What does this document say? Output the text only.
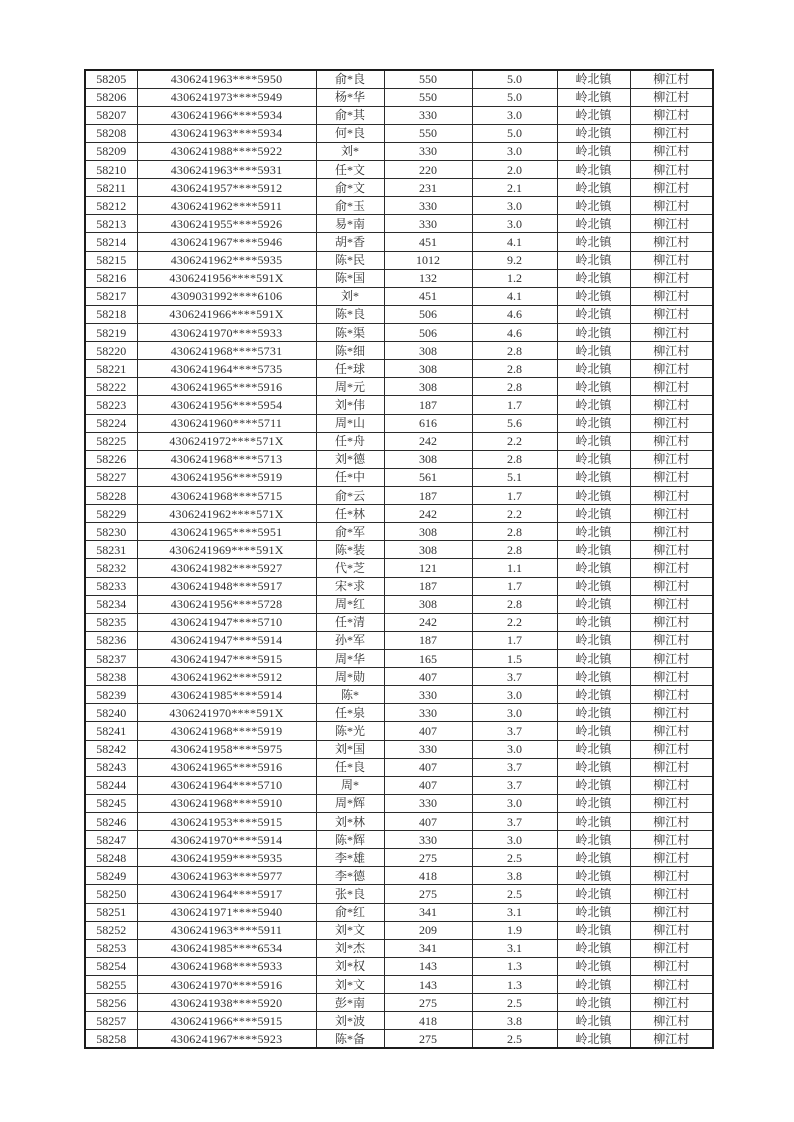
58205	4306241963****5950	俞*良	550	5.0	岭北镇	柳江村
58206	4306241973****5949	杨*华	550	5.0	岭北镇	柳江村
58207	4306241966****5934	俞*其	330	3.0	岭北镇	柳江村
58208	4306241963****5934	何*良	550	5.0	岭北镇	柳江村
58209	4306241988****5922	刘*	330	3.0	岭北镇	柳江村
58210	4306241963****5931	任*文	220	2.0	岭北镇	柳江村
58211	4306241957****5912	俞*文	231	2.1	岭北镇	柳江村
58212	4306241962****5911	俞*玉	330	3.0	岭北镇	柳江村
58213	4306241955****5926	易*南	330	3.0	岭北镇	柳江村
58214	4306241967****5946	胡*香	451	4.1	岭北镇	柳江村
58215	4306241962****5935	陈*民	1012	9.2	岭北镇	柳江村
58216	4306241956****591X	陈*国	132	1.2	岭北镇	柳江村
58217	4309031992****6106	刘*	451	4.1	岭北镇	柳江村
58218	4306241966****591X	陈*良	506	4.6	岭北镇	柳江村
58219	4306241970****5933	陈*渠	506	4.6	岭北镇	柳江村
58220	4306241968****5731	陈*细	308	2.8	岭北镇	柳江村
58221	4306241964****5735	任*球	308	2.8	岭北镇	柳江村
58222	4306241965****5916	周*元	308	2.8	岭北镇	柳江村
58223	4306241956****5954	刘*伟	187	1.7	岭北镇	柳江村
58224	4306241960****5711	周*山	616	5.6	岭北镇	柳江村
58225	4306241972****571X	任*舟	242	2.2	岭北镇	柳江村
58226	4306241968****5713	刘*德	308	2.8	岭北镇	柳江村
58227	4306241956****5919	任*中	561	5.1	岭北镇	柳江村
58228	4306241968****5715	俞*云	187	1.7	岭北镇	柳江村
58229	4306241962****571X	任*林	242	2.2	岭北镇	柳江村
58230	4306241965****5951	俞*军	308	2.8	岭北镇	柳江村
58231	4306241969****591X	陈*装	308	2.8	岭北镇	柳江村
58232	4306241982****5927	代*芝	121	1.1	岭北镇	柳江村
58233	4306241948****5917	宋*求	187	1.7	岭北镇	柳江村
58234	4306241956****5728	周*红	308	2.8	岭北镇	柳江村
58235	4306241947****5710	任*清	242	2.2	岭北镇	柳江村
58236	4306241947****5914	孙*军	187	1.7	岭北镇	柳江村
58237	4306241947****5915	周*华	165	1.5	岭北镇	柳江村
58238	4306241962****5912	周*勋	407	3.7	岭北镇	柳江村
58239	4306241985****5914	陈*	330	3.0	岭北镇	柳江村
58240	4306241970****591X	任*泉	330	3.0	岭北镇	柳江村
58241	4306241968****5919	陈*光	407	3.7	岭北镇	柳江村
58242	4306241958****5975	刘*国	330	3.0	岭北镇	柳江村
58243	4306241965****5916	任*良	407	3.7	岭北镇	柳江村
58244	4306241964****5710	周*	407	3.7	岭北镇	柳江村
58245	4306241968****5910	周*辉	330	3.0	岭北镇	柳江村
58246	4306241953****5915	刘*林	407	3.7	岭北镇	柳江村
58247	4306241970****5914	陈*辉	330	3.0	岭北镇	柳江村
58248	4306241959****5935	李*雄	275	2.5	岭北镇	柳江村
58249	4306241963****5977	李*德	418	3.8	岭北镇	柳江村
58250	4306241964****5917	张*良	275	2.5	岭北镇	柳江村
58251	4306241971****5940	俞*红	341	3.1	岭北镇	柳江村
58252	4306241963****5911	刘*文	209	1.9	岭北镇	柳江村
58253	4306241985****6534	刘*杰	341	3.1	岭北镇	柳江村
58254	4306241968****5933	刘*权	143	1.3	岭北镇	柳江村
58255	4306241970****5916	刘*文	143	1.3	岭北镇	柳江村
58256	4306241938****5920	彭*南	275	2.5	岭北镇	柳江村
58257	4306241966****5915	刘*波	418	3.8	岭北镇	柳江村
58258	4306241967****5923	陈*备	275	2.5	岭北镇	柳江村
